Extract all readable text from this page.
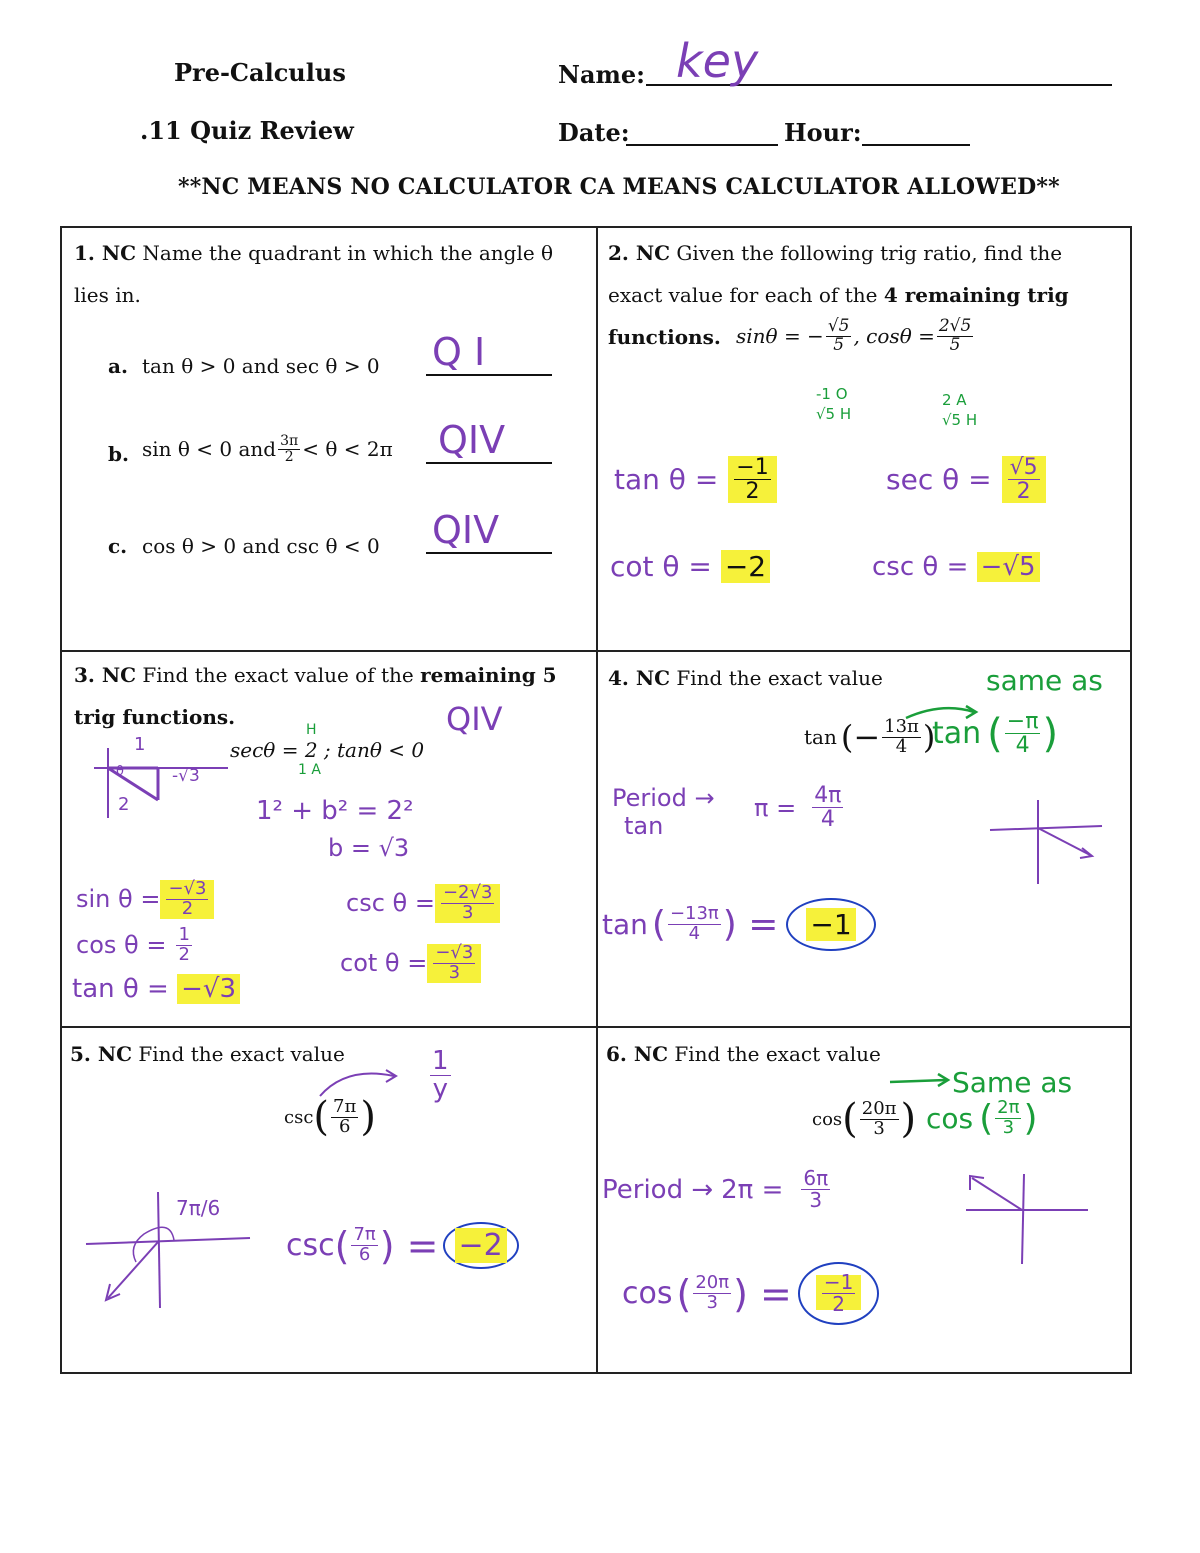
Pre-Calculus
.11 Quiz Review
Name: key
Date:	Hour:
**NC MEANS NO CALCULATOR CA MEANS CALCULATOR ALLOWED**
1. NC Name the quadrant in which the angle θ lies in.
a. tan θ > 0 and sec θ > 0 Q I
b. sin θ < 0 and $\frac{3\pi}{2} < \theta < 2\pi$ QIV
c. cos θ > 0 and csc θ < 0 QIV
2. NC Given the following trig ratio, find the exact value for each of the 4 remaining trig functions. sinθ = − $\frac{√5}{5}$ , $\cos\theta = \frac{2√5}{5}$
-1 O
√5 H
2 A
√5 H
$\tan \theta = \frac{-1}{2}$	$\sec \theta = \frac{√5}{2}$
cot θ = −2	csc θ = −√5
3. NC Find the exact value of the remaining 5 trig functions.	QIV
H
secθ = 2 ; tanθ < 0
1 A
1
θ	-√3
2	1² + b² = 2²
b = √3
$\sin \theta = \frac{-√3}{2}$
$\cos \theta = \frac{1}{2}$
tan θ = −√3
$\csc \theta = \frac{-2√3}{3}$
$\cot \theta = \frac{-√3}{3}$
4. NC Find the exact value	same as
tan (− $\frac{13\pi}{4}$ )
tan ( $\frac{-\pi}{4}$ )
Period →
tan
$\pi = \frac{4\pi}{4}$
tan ( $\frac{-13\pi}{4}$ ) =	−1
5. NC Find the exact value
csc ( $\frac{7\pi}{6}$ )
$\frac{1}{y}$
7π/6
csc ( $\frac{7\pi}{6}$ ) = −2
6. NC Find the exact value
Same as
cos ( $\frac{20\pi}{3}$ ) cos ( $\frac{2\pi}{3}$ )
Period → $2\pi = \frac{6\pi}{3}$
cos ( $\frac{20\pi}{3}$ ) = $\frac{-1}{2}$
